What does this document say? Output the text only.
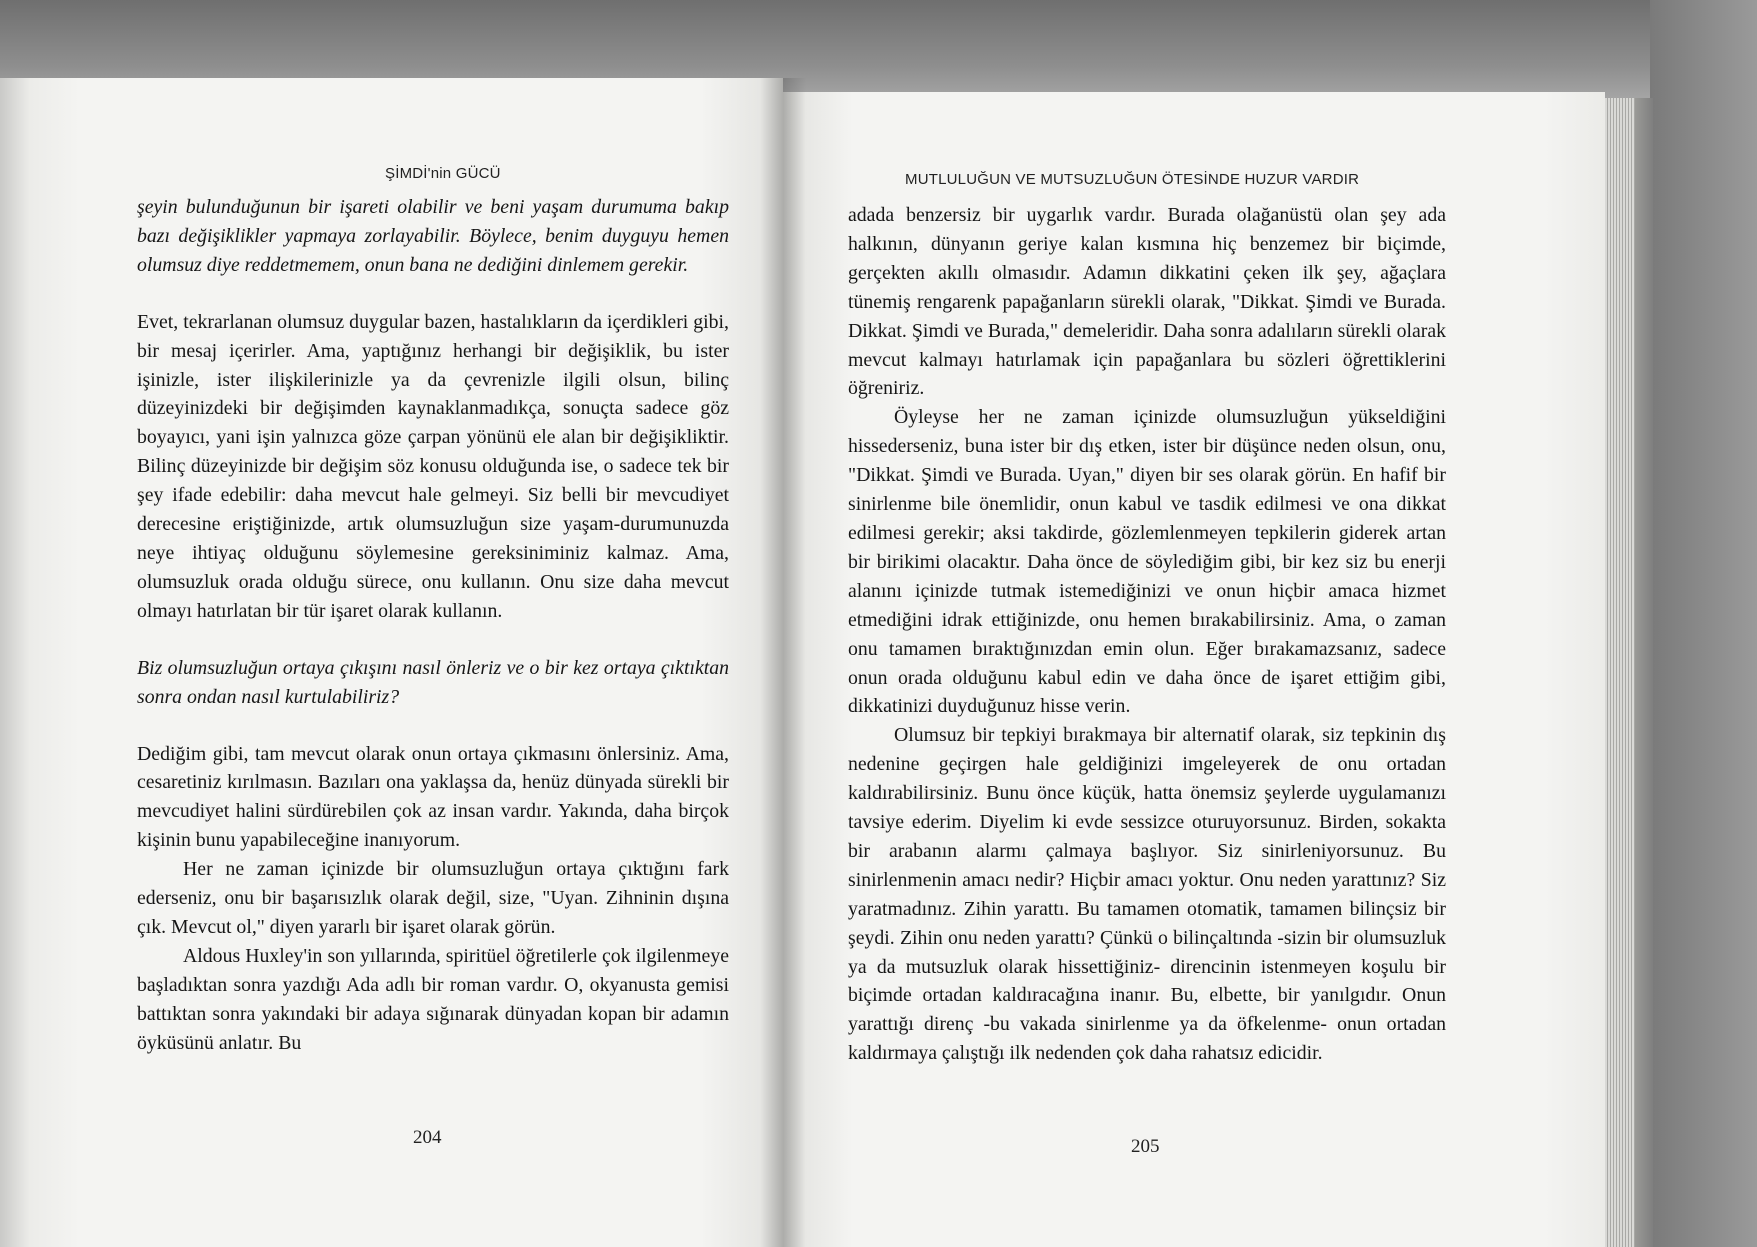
ŞİMDİ'nin GÜCÜ	MUTLULUĞUN VE MUTSUZLUĞUN ÖTESİNDE HUZUR VARDIR

şeyin bulunduğunun bir işareti olabilir ve beni yaşam durumuma bakıp bazı değişiklikler yapmaya zorlayabilir. Böylece, benim duyguyu hemen olumsuz diye reddetmemem, onun bana ne dediğini dinlemem gerekir.

Evet, tekrarlanan olumsuz duygular bazen, hastalıkların da içerdikleri gibi, bir mesaj içerirler. Ama, yaptığınız herhangi bir değişiklik, bu ister işinizle, ister ilişkilerinizle ya da çevrenizle ilgili olsun, bilinç düzeyinizdeki bir değişimden kaynaklanmadıkça, sonuçta sadece göz boyayıcı, yani işin yalnızca göze çarpan yönünü ele alan bir değişikliktir. Bilinç düzeyinizde bir değişim söz konusu olduğunda ise, o sadece tek bir şey ifade edebilir: daha mevcut hale gelmeyi. Siz belli bir mevcudiyet derecesine eriştiğinizde, artık olumsuzluğun size yaşam-durumunuzda neye ihtiyaç olduğunu söylemesine gereksiniminiz kalmaz. Ama, olumsuzluk orada olduğu sürece, onu kullanın. Onu size daha mevcut olmayı hatırlatan bir tür işaret olarak kullanın.

Biz olumsuzluğun ortaya çıkışını nasıl önleriz ve o bir kez ortaya çıktıktan sonra ondan nasıl kurtulabiliriz?

Dediğim gibi, tam mevcut olarak onun ortaya çıkmasını önlersiniz. Ama, cesaretiniz kırılmasın. Bazıları ona yaklaşsa da, henüz dünyada sürekli bir mevcudiyet halini sürdürebilen çok az insan vardır. Yakında, daha birçok kişinin bunu yapabileceğine inanıyorum.

Her ne zaman içinizde bir olumsuzluğun ortaya çıktığını fark ederseniz, onu bir başarısızlık olarak değil, size, "Uyan. Zihninin dışına çık. Mevcut ol," diyen yararlı bir işaret olarak görün.

Aldous Huxley'in son yıllarında, spiritüel öğretilerle çok ilgilenmeye başladıktan sonra yazdığı Ada adlı bir roman vardır. O, okyanusta gemisi battıktan sonra yakındaki bir adaya sığınarak dünyadan kopan bir adamın öyküsünü anlatır. Bu

adada benzersiz bir uygarlık vardır. Burada olağanüstü olan şey ada halkının, dünyanın geriye kalan kısmına hiç benzemez bir biçimde, gerçekten akıllı olmasıdır. Adamın dikkatini çeken ilk şey, ağaçlara tünemiş rengarenk papağanların sürekli olarak, "Dikkat. Şimdi ve Burada. Dikkat. Şimdi ve Burada," demeleridir. Daha sonra adalıların sürekli olarak mevcut kalmayı hatırlamak için papağanlara bu sözleri öğrettiklerini öğreniriz.

Öyleyse her ne zaman içinizde olumsuzluğun yükseldiğini hissederseniz, buna ister bir dış etken, ister bir düşünce neden olsun, onu, "Dikkat. Şimdi ve Burada. Uyan," diyen bir ses olarak görün. En hafif bir sinirlenme bile önemlidir, onun kabul ve tasdik edilmesi ve ona dikkat edilmesi gerekir; aksi takdirde, gözlemlenmeyen tepkilerin giderek artan bir birikimi olacaktır. Daha önce de söylediğim gibi, bir kez siz bu enerji alanını içinizde tutmak istemediğinizi ve onun hiçbir amaca hizmet etmediğini idrak ettiğinizde, onu hemen bırakabilirsiniz. Ama, o zaman onu tamamen bıraktığınızdan emin olun. Eğer bırakamazsanız, sadece onun orada olduğunu kabul edin ve daha önce de işaret ettiğim gibi, dikkatinizi duyduğunuz hisse verin.

Olumsuz bir tepkiyi bırakmaya bir alternatif olarak, siz tepkinin dış nedenine geçirgen hale geldiğinizi imgeleyerek de onu ortadan kaldırabilirsiniz. Bunu önce küçük, hatta önemsiz şeylerde uygulamanızı tavsiye ederim. Diyelim ki evde sessizce oturuyorsunuz. Birden, sokakta bir arabanın alarmı çalmaya başlıyor. Siz sinirleniyorsunuz. Bu sinirlenmenin amacı nedir? Hiçbir amacı yoktur. Onu neden yarattınız? Siz yaratmadınız. Zihin yarattı. Bu tamamen otomatik, tamamen bilinçsiz bir şeydi. Zihin onu neden yarattı? Çünkü o bilinçaltında -sizin bir olumsuzluk ya da mutsuzluk olarak hissettiğiniz- direncinin istenmeyen koşulu bir biçimde ortadan kaldıracağına inanır. Bu, elbette, bir yanılgıdır. Onun yarattığı direnç -bu vakada sinirlenme ya da öfkelenme- onun ortadan kaldırmaya çalıştığı ilk nedenden çok daha rahatsız edicidir.

204	205
